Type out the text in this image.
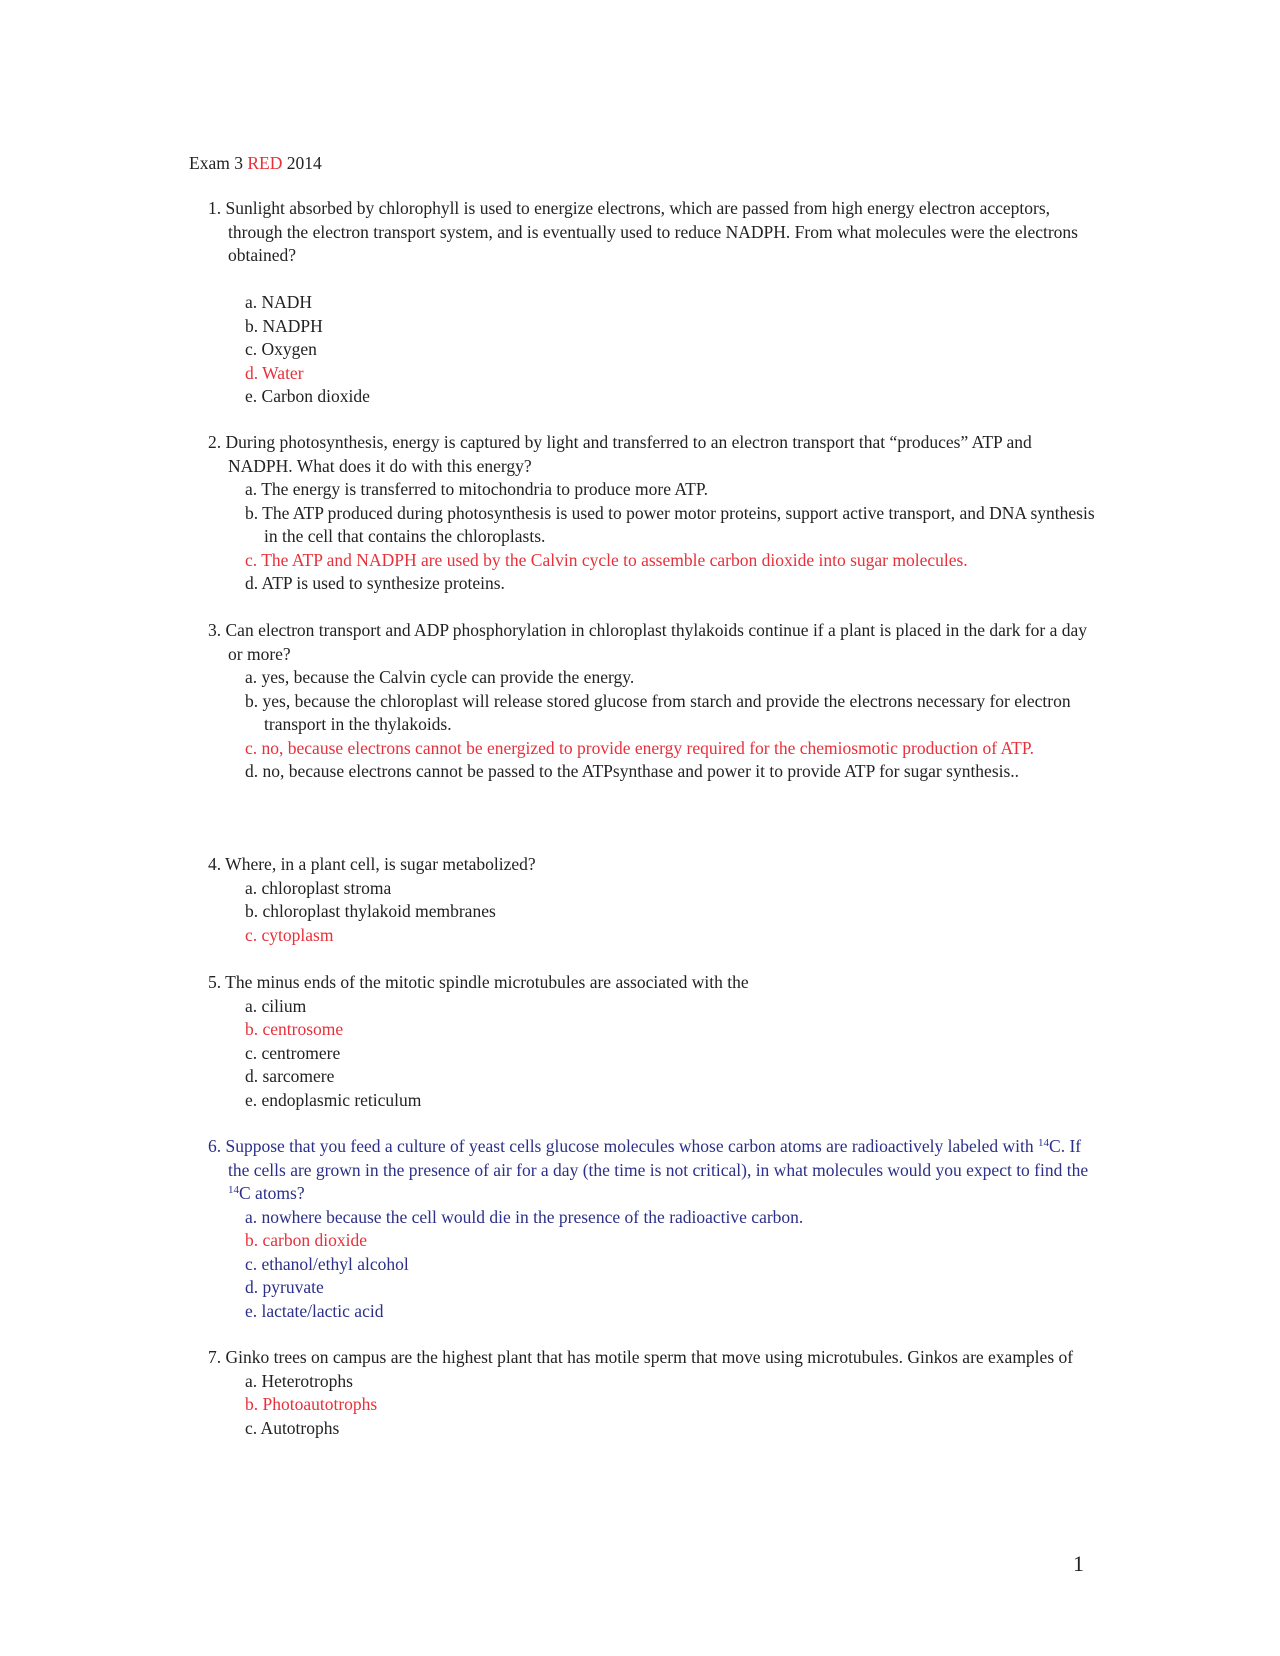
Exam 3 RED 2014
1. Sunlight absorbed by chlorophyll is used to energize electrons, which are passed from high energy electron acceptors, through the electron transport system, and is eventually used to reduce NADPH. From what molecules were the electrons obtained?
a. NADH
b. NADPH
c. Oxygen
d. Water
e. Carbon dioxide
2. During photosynthesis, energy is captured by light and transferred to an electron transport that “produces” ATP and NADPH. What does it do with this energy?
a. The energy is transferred to mitochondria to produce more ATP.
b. The ATP produced during photosynthesis is used to power motor proteins, support active transport, and DNA synthesis in the cell that contains the chloroplasts.
c. The ATP and NADPH are used by the Calvin cycle to assemble carbon dioxide into sugar molecules.
d. ATP is used to synthesize proteins.
3. Can electron transport and ADP phosphorylation in chloroplast thylakoids continue if a plant is placed in the dark for a day or more?
a. yes, because the Calvin cycle can provide the energy.
b. yes, because the chloroplast will release stored glucose from starch and provide the electrons necessary for electron transport in the thylakoids.
c. no, because electrons cannot be energized to provide energy required for the chemiosmotic production of ATP.
d. no, because electrons cannot be passed to the ATPsynthase and power it to provide ATP for sugar synthesis..
4. Where, in a plant cell, is sugar metabolized?
a. chloroplast stroma
b. chloroplast thylakoid membranes
c. cytoplasm
5. The minus ends of the mitotic spindle microtubules are associated with the
a. cilium
b. centrosome
c. centromere
d. sarcomere
e. endoplasmic reticulum
6. Suppose that you feed a culture of yeast cells glucose molecules whose carbon atoms are radioactively labeled with $^{14}$C. If the cells are grown in the presence of air for a day (the time is not critical), in what molecules would you expect to find the $^{14}$C atoms?
a. nowhere because the cell would die in the presence of the radioactive carbon.
b. carbon dioxide
c. ethanol/ethyl alcohol
d. pyruvate
e. lactate/lactic acid
7. Ginko trees on campus are the highest plant that has motile sperm that move using microtubules. Ginkos are examples of
a. Heterotrophs
b. Photoautotrophs
c. Autotrophs
1
